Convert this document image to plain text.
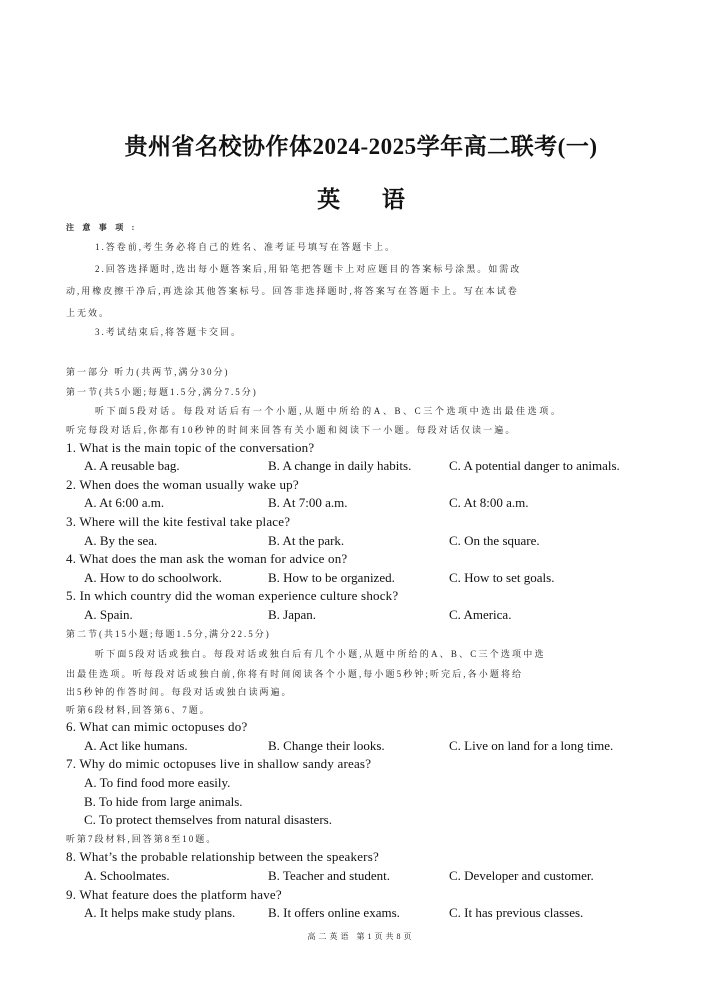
贵州省名校协作体2024-2025学年高二联考(一)
英 语
注 意 事 项 :
1.答卷前,考生务必将自己的姓名、准考证号填写在答题卡上。
2.回答选择题时,选出每小题答案后,用铅笔把答题卡上对应题目的答案标号涂黑。如需改
动,用橡皮擦干净后,再选涂其他答案标号。回答非选择题时,将答案写在答题卡上。写在本试卷
上无效。
3.考试结束后,将答题卡交回。
第一部分 听力(共两节,满分30分)
第一节(共5小题;每题1.5分,满分7.5分)
听下面5段对话。每段对话后有一个小题,从题中所给的A、B、C三个选项中选出最佳选项。
听完每段对话后,你都有10秒钟的时间来回答有关小题和阅读下一小题。每段对话仅读一遍。
1. What is the main topic of the conversation?
A. A reusable bag.	B. A change in daily habits.	C. A potential danger to animals.
2. When does the woman usually wake up?
A. At 6:00 a.m.	B. At 7:00 a.m.	C. At 8:00 a.m.
3. Where will the kite festival take place?
A. By the sea.	B. At the park.	C. On the square.
4. What does the man ask the woman for advice on?
A. How to do schoolwork.	B. How to be organized.	C. How to set goals.
5. In which country did the woman experience culture shock?
A. Spain.	B. Japan.	C. America.
第二节(共15小题;每题1.5分,满分22.5分)
听下面5段对话或独白。每段对话或独白后有几个小题,从题中所给的A、B、C三个选项中选
出最佳选项。听每段对话或独白前,你将有时间阅读各个小题,每小题5秒钟;听完后,各小题将给
出5秒钟的作答时间。每段对话或独白读两遍。
听第6段材料,回答第6、7题。
6. What can mimic octopuses do?
A. Act like humans.	B. Change their looks.	C. Live on land for a long time.
7. Why do mimic octopuses live in shallow sandy areas?
A. To find food more easily.
B. To hide from large animals.
C. To protect themselves from natural disasters.
听第7段材料,回答第8至10题。
8. What’s the probable relationship between the speakers?
A. Schoolmates.	B. Teacher and student.	C. Developer and customer.
9. What feature does the platform have?
A. It helps make study plans.	B. It offers online exams.	C. It has previous classes.
高二英语 第1页共8页
